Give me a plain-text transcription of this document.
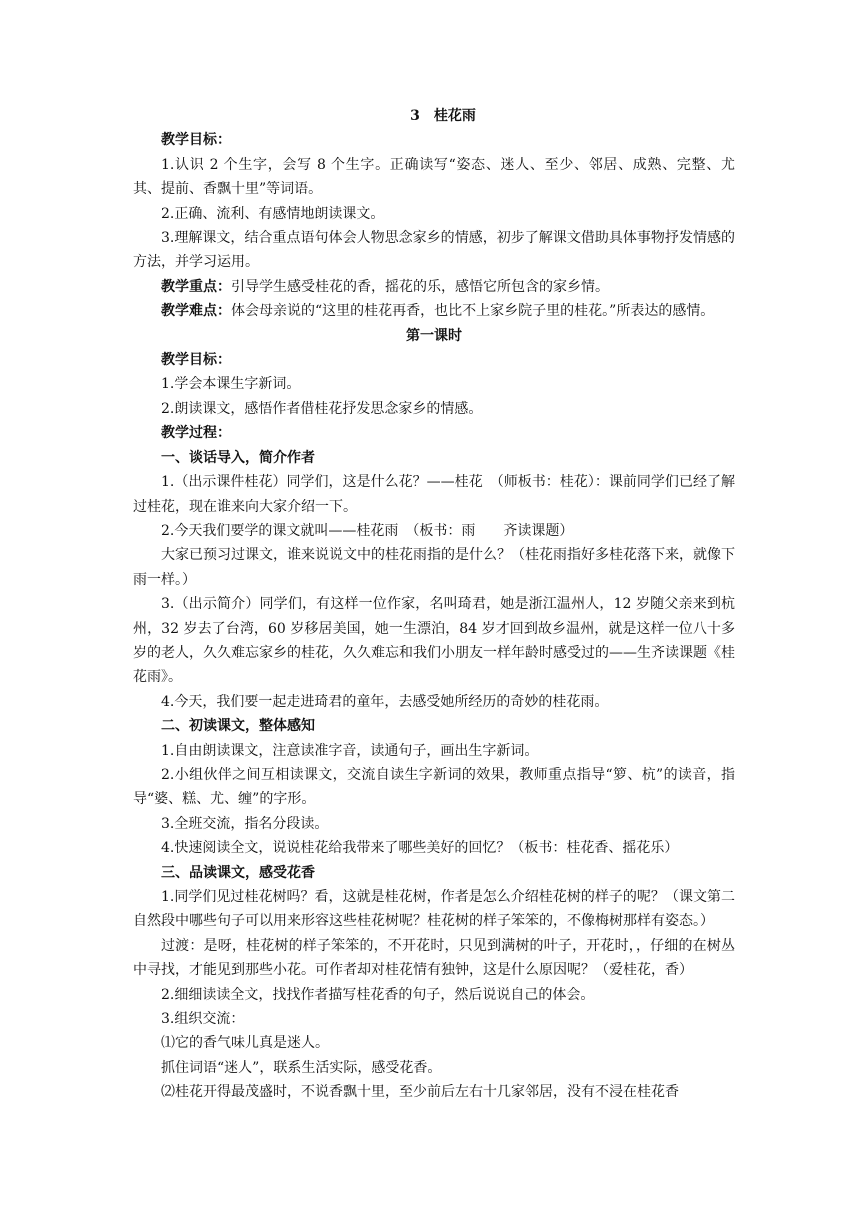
3　桂花雨

教学目标：

1.认识 2 个生字，会写 8 个生字。正确读写“姿态、迷人、至少、邻居、成熟、完整、尤其、提前、香飘十里”等词语。

2.正确、流利、有感情地朗读课文。

3.理解课文，结合重点语句体会人物思念家乡的情感，初步了解课文借助具体事物抒发情感的方法，并学习运用。

教学重点：引导学生感受桂花的香，摇花的乐，感悟它所包含的家乡情。

教学难点：体会母亲说的“这里的桂花再香，也比不上家乡院子里的桂花。”所表达的感情。

第一课时

教学目标：

1.学会本课生字新词。

2.朗读课文，感悟作者借桂花抒发思念家乡的情感。

教学过程：

一、谈话导入，简介作者

1.（出示课件桂花）同学们，这是什么花？——桂花　（师板书：桂花）：课前同学们已经了解过桂花，现在谁来向大家介绍一下。

2.今天我们要学的课文就叫——桂花雨　（板书：雨　　齐读课题）

大家已预习过课文，谁来说说文中的桂花雨指的是什么？（桂花雨指好多桂花落下来，就像下雨一样。）

3.（出示简介）同学们，有这样一位作家，名叫琦君，她是浙江温州人，12 岁随父亲来到杭州，32 岁去了台湾，60 岁移居美国，她一生漂泊，84 岁才回到故乡温州，就是这样一位八十多岁的老人，久久难忘家乡的桂花，久久难忘和我们小朋友一样年龄时感受过的——生齐读课题《桂花雨》。

4.今天，我们要一起走进琦君的童年，去感受她所经历的奇妙的桂花雨。

二、初读课文，整体感知

1.自由朗读课文，注意读准字音，读通句子，画出生字新词。

2.小组伙伴之间互相读课文，交流自读生字新词的效果，教师重点指导“箩、杭”的读音，指导“婆、糕、尤、缠”的字形。

3.全班交流，指名分段读。

4.快速阅读全文，说说桂花给我带来了哪些美好的回忆？（板书：桂花香、摇花乐）

三、品读课文，感受花香

1.同学们见过桂花树吗？看，这就是桂花树，作者是怎么介绍桂花树的样子的呢？（课文第二自然段中哪些句子可以用来形容这些桂花树呢？桂花树的样子笨笨的，不像梅树那样有姿态。）

过渡：是呀，桂花树的样子笨笨的，不开花时，只见到满树的叶子，开花时，，仔细的在树丛中寻找，才能见到那些小花。可作者却对桂花情有独钟，这是什么原因呢？（爱桂花，香）

2.细细读读全文，找找作者描写桂花香的句子，然后说说自己的体会。

3.组织交流：

⑴它的香气味儿真是迷人。

抓住词语“迷人”，联系生活实际，感受花香。

⑵桂花开得最茂盛时，不说香飘十里，至少前后左右十几家邻居，没有不浸在桂花香
